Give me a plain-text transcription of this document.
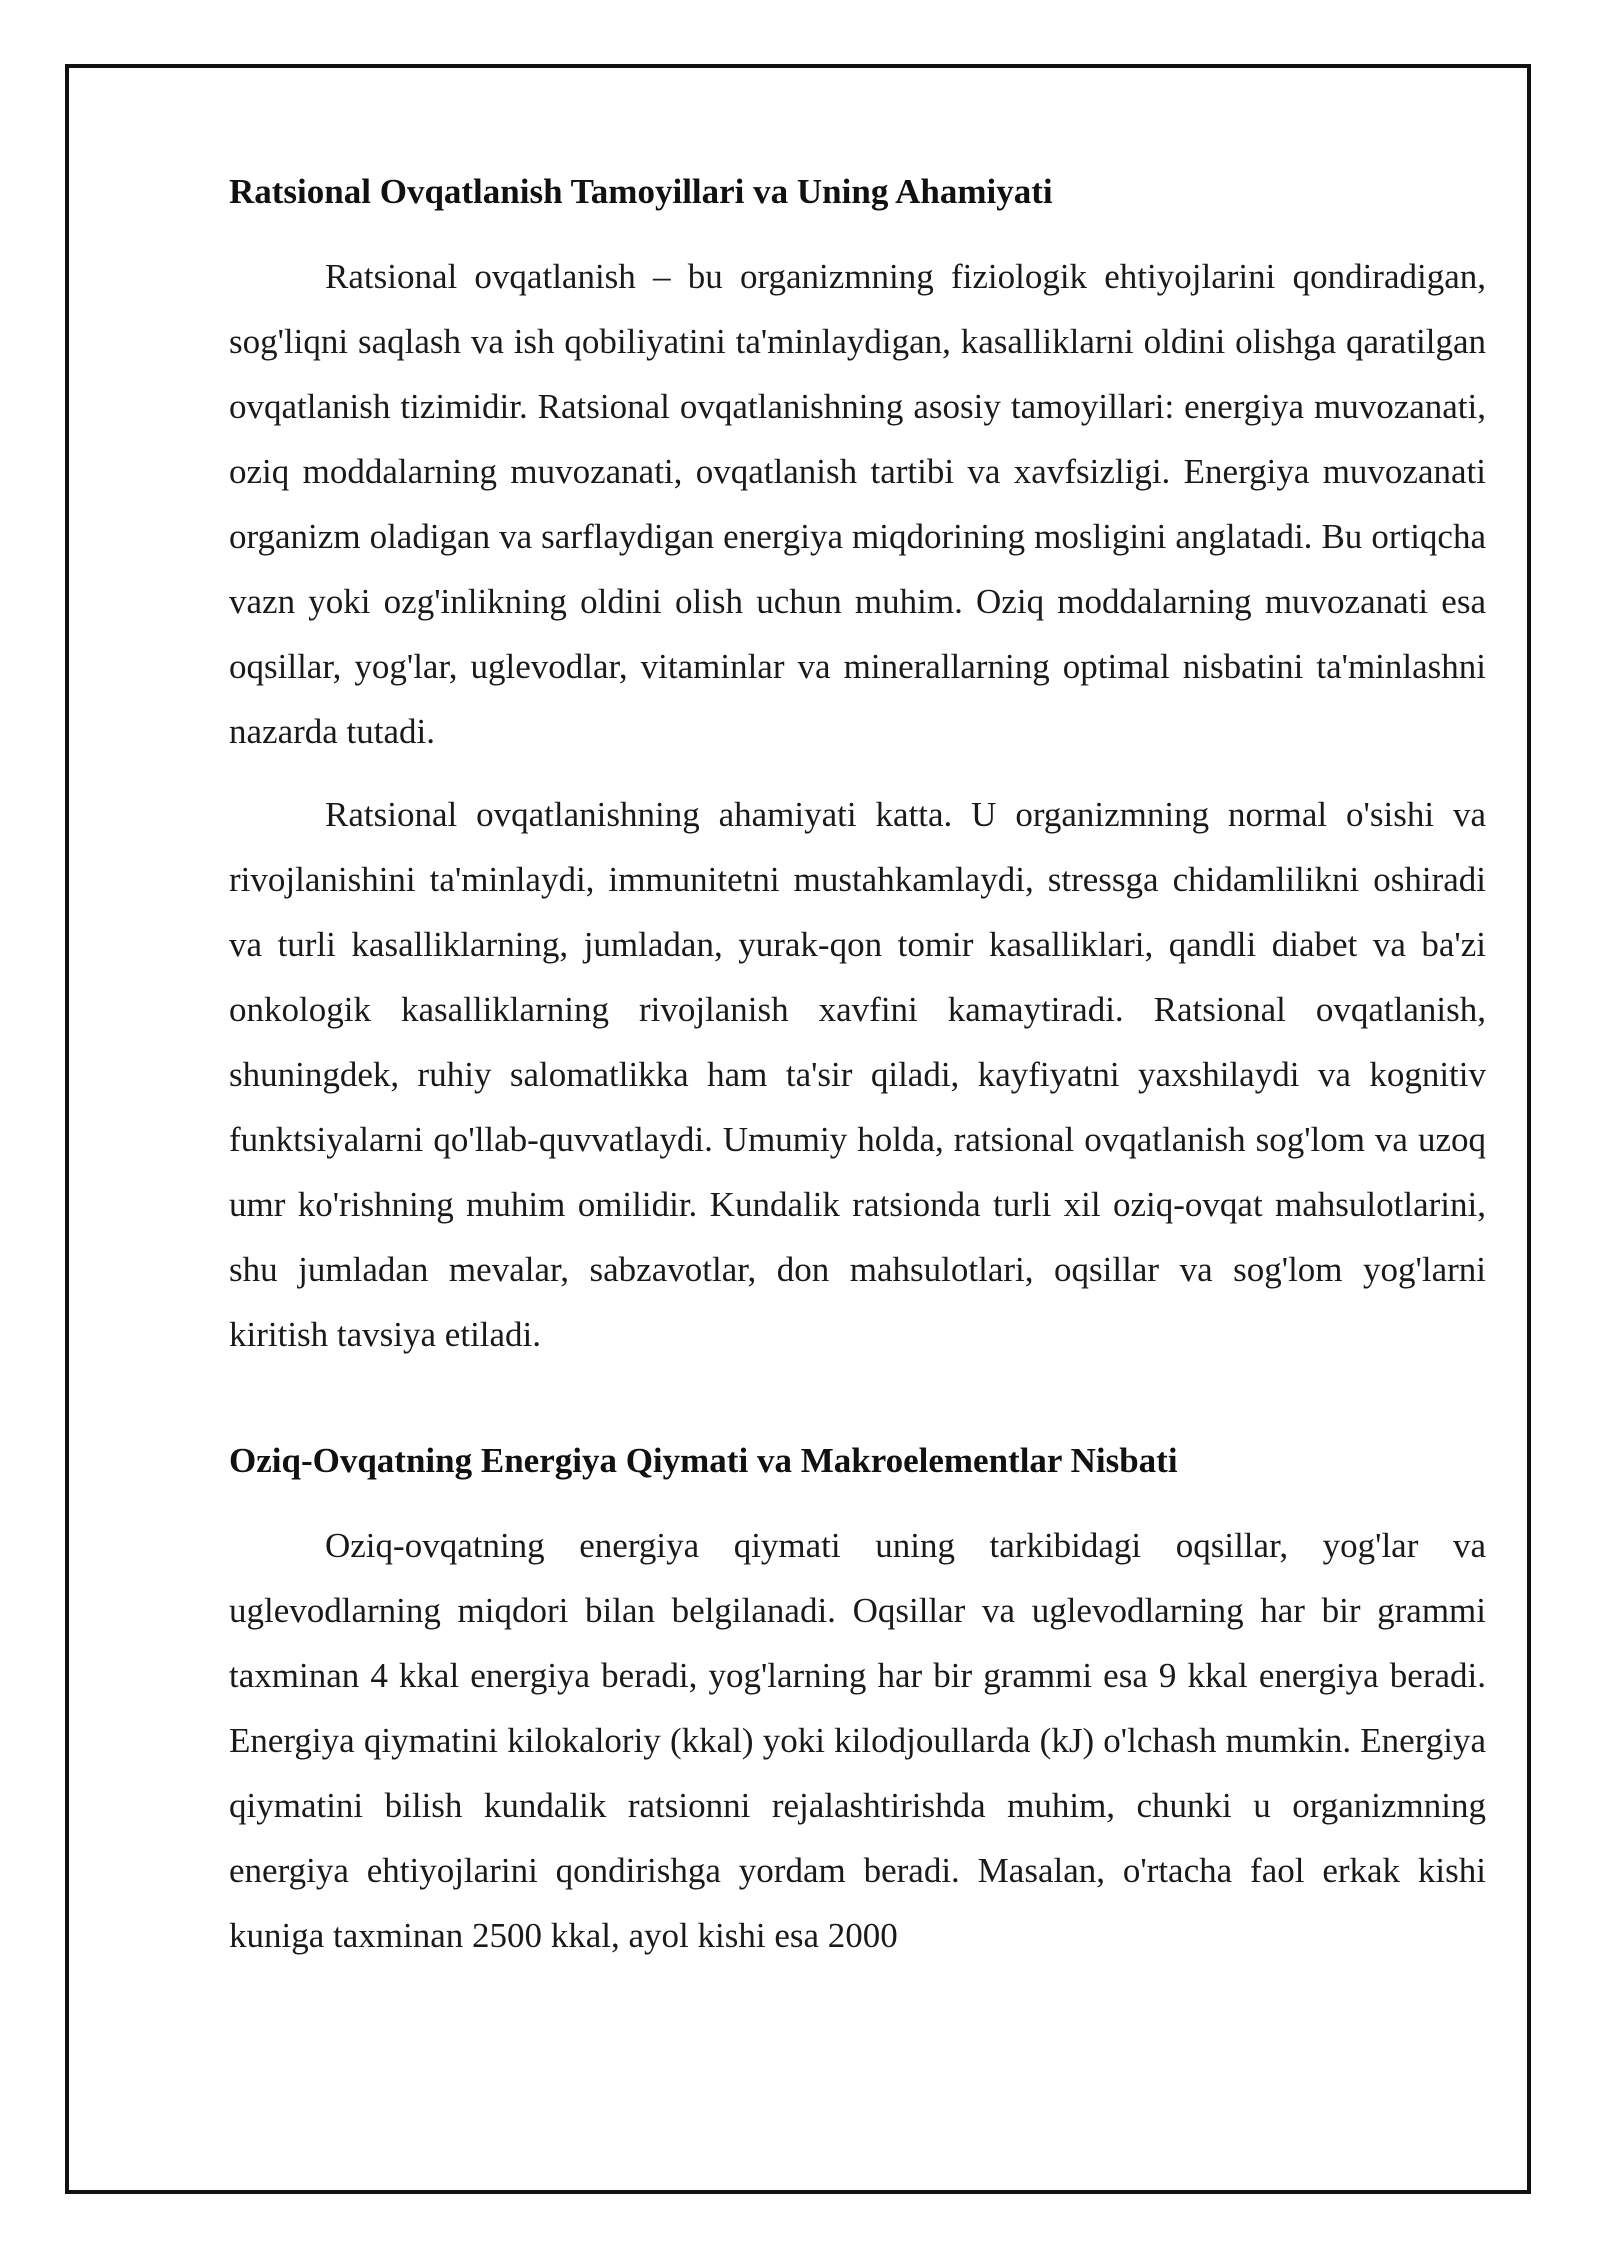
Ratsional Ovqatlanish Tamoyillari va Uning Ahamiyati

Ratsional ovqatlanish – bu organizmning fiziologik ehtiyojlarini qondiradigan, sog'liqni saqlash va ish qobiliyatini ta'minlaydigan, kasalliklarni oldini olishga qaratilgan ovqatlanish tizimidir. Ratsional ovqatlanishning asosiy tamoyillari: energiya muvozanati, oziq moddalarning muvozanati, ovqatlanish tartibi va xavfsizligi. Energiya muvozanati organizm oladigan va sarflaydigan energiya miqdorining mosligini anglatadi. Bu ortiqcha vazn yoki ozg'inlikning oldini olish uchun muhim. Oziq moddalarning muvozanati esa oqsillar, yog'lar, uglevodlar, vitaminlar va minerallarning optimal nisbatini ta'minlashni nazarda tutadi.

Ratsional ovqatlanishning ahamiyati katta. U organizmning normal o'sishi va rivojlanishini ta'minlaydi, immunitetni mustahkamlaydi, stressga chidamlilikni oshiradi va turli kasalliklarning, jumladan, yurak-qon tomir kasalliklari, qandli diabet va ba'zi onkologik kasalliklarning rivojlanish xavfini kamaytiradi. Ratsional ovqatlanish, shuningdek, ruhiy salomatlikka ham ta'sir qiladi, kayfiyatni yaxshilaydi va kognitiv funktsiyalarni qo'llab-quvvatlaydi. Umumiy holda, ratsional ovqatlanish sog'lom va uzoq umr ko'rishning muhim omilidir. Kundalik ratsionda turli xil oziq-ovqat mahsulotlarini, shu jumladan mevalar, sabzavotlar, don mahsulotlari, oqsillar va sog'lom yog'larni kiritish tavsiya etiladi.

Oziq-Ovqatning Energiya Qiymati va Makroelementlar Nisbati

Oziq-ovqatning energiya qiymati uning tarkibidagi oqsillar, yog'lar va uglevodlarning miqdori bilan belgilanadi. Oqsillar va uglevodlarning har bir grammi taxminan 4 kkal energiya beradi, yog'larning har bir grammi esa 9 kkal energiya beradi. Energiya qiymatini kilokaloriy (kkal) yoki kilodjoullarda (kJ) o'lchash mumkin. Energiya qiymatini bilish kundalik ratsionni rejalashtirishda muhim, chunki u organizmning energiya ehtiyojlarini qondirishga yordam beradi. Masalan, o'rtacha faol erkak kishi kuniga taxminan 2500 kkal, ayol kishi esa 2000
